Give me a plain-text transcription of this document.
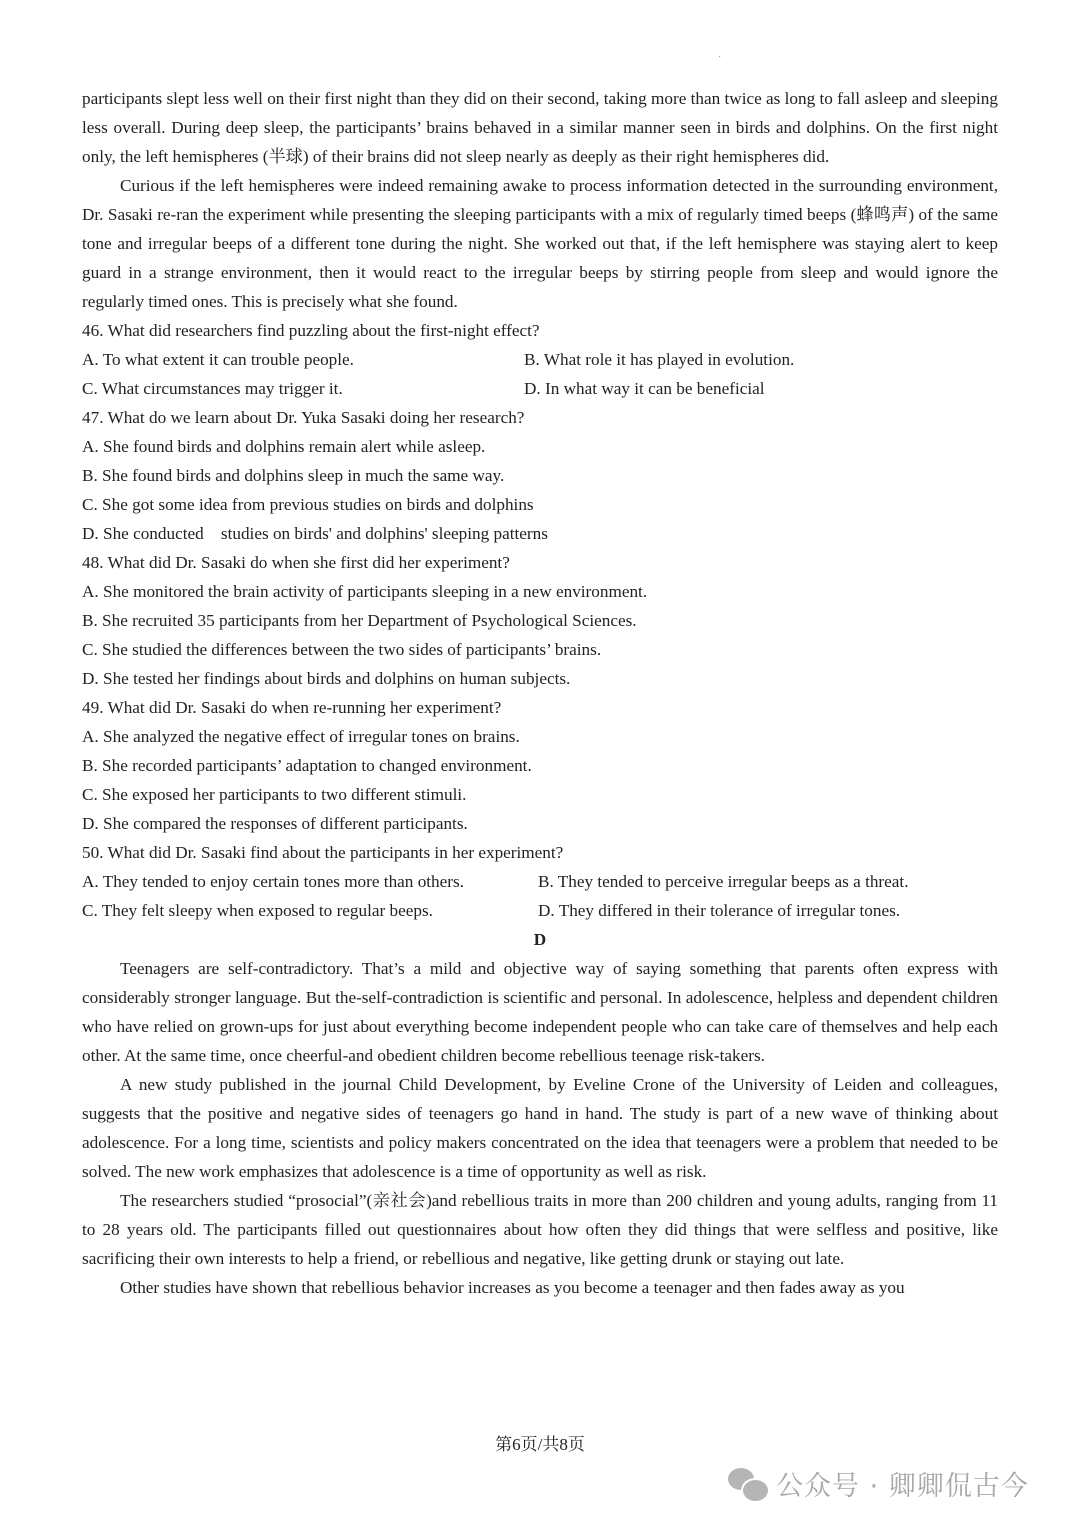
·

participants slept less well on their first night than they did on their second, taking more than twice as long to fall asleep and sleeping less overall. During deep sleep, the participants’ brains behaved in a similar manner seen in birds and dolphins. On the first night only, the left hemispheres (半球) of their brains did not sleep nearly as deeply as their right hemispheres did.

Curious if the left hemispheres were indeed remaining awake to process information detected in the surrounding environment, Dr. Sasaki re-ran the experiment while presenting the sleeping participants with a mix of regularly timed beeps (蜂鸣声) of the same tone and irregular beeps of a different tone during the night. She worked out that, if the left hemisphere was staying alert to keep guard in a strange environment, then it would react to the irregular beeps by stirring people from sleep and would ignore the regularly timed ones. This is precisely what she found.

46. What did researchers find puzzling about the first-night effect?

A. To what extent it can trouble people.	B. What role it has played in evolution.
C. What circumstances may trigger it.	D. In what way it can be beneficial

47. What do we learn about Dr. Yuka Sasaki doing her research?

A. She found birds and dolphins remain alert while asleep.

B. She found birds and dolphins sleep in much the same way.

C. She got some idea from previous studies on birds and dolphins

D. She conducted    studies on birds' and dolphins' sleeping patterns

48. What did Dr. Sasaki do when she first did her experiment?

A. She monitored the brain activity of participants sleeping in a new environment.

B. She recruited 35 participants from her Department of Psychological Sciences.

C. She studied the differences between the two sides of participants’ brains.

D. She tested her findings about birds and dolphins on human subjects.

49. What did Dr. Sasaki do when re-running her experiment?

A. She analyzed the negative effect of irregular tones on brains.

B. She recorded participants’ adaptation to changed environment.

C. She exposed her participants to two different stimuli.

D. She compared the responses of different participants.

50. What did Dr. Sasaki find about the participants in her experiment?

A. They tended to enjoy certain tones more than others.	B. They tended to perceive irregular beeps as a threat.
C. They felt sleepy when exposed to regular beeps.	D. They differed in their tolerance of irregular tones.

D

Teenagers are self-contradictory. That’s a mild and objective way of saying something that parents often express with considerably stronger language. But the-self-contradiction is scientific and personal. In adolescence, helpless and dependent children who have relied on grown-ups for just about everything become independent people who can take care of themselves and help each other. At the same time, once cheerful-and obedient children become rebellious teenage risk-takers.

A new study published in the journal Child Development, by Eveline Crone of the University of Leiden and colleagues, suggests that the positive and negative sides of teenagers go hand in hand. The study is part of a new wave of thinking about adolescence. For a long time, scientists and policy makers concentrated on the idea that teenagers were a problem that needed to be solved. The new work emphasizes that adolescence is a time of opportunity as well as risk.

The researchers studied “prosocial”(亲社会)and rebellious traits in more than 200 children and young adults, ranging from 11 to 28 years old. The participants filled out questionnaires about how often they did things that were selfless and positive, like sacrificing their own interests to help a friend, or rebellious and negative, like getting drunk or staying out late.

Other studies have shown that rebellious behavior increases as you become a teenager and then fades away as you

第6页/共8页
公众号 · 卿卿侃古今
